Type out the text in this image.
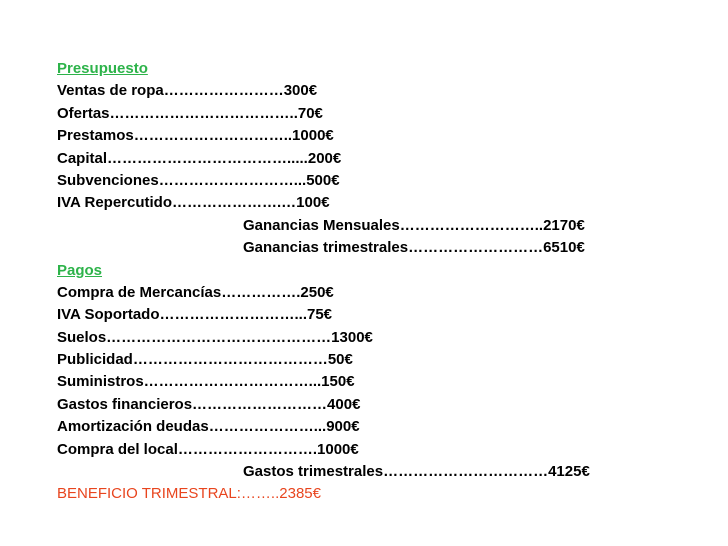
Presupuesto
Ventas de ropa……………………300€
Ofertas………………………………..70€
Prestamos…………………………..1000€
Capital……………………………….....200€
Subvenciones………………………...500€
IVA Repercutido………………….…100€
Ganancias Mensuales………………………..2170€
Ganancias trimestrales………………………6510€
Pagos
Compra de Mercancías…………….250€
IVA Soportado………………………...75€
Suelos………………………………………1300€
Publicidad…………………………………50€
Suministros……………………………...150€
Gastos financieros………………………400€
Amortización deudas…………………...900€
Compra del local……………………….1000€
Gastos trimestrales……………………………4125€
BENEFICIO TRIMESTRAL:……..2385€
